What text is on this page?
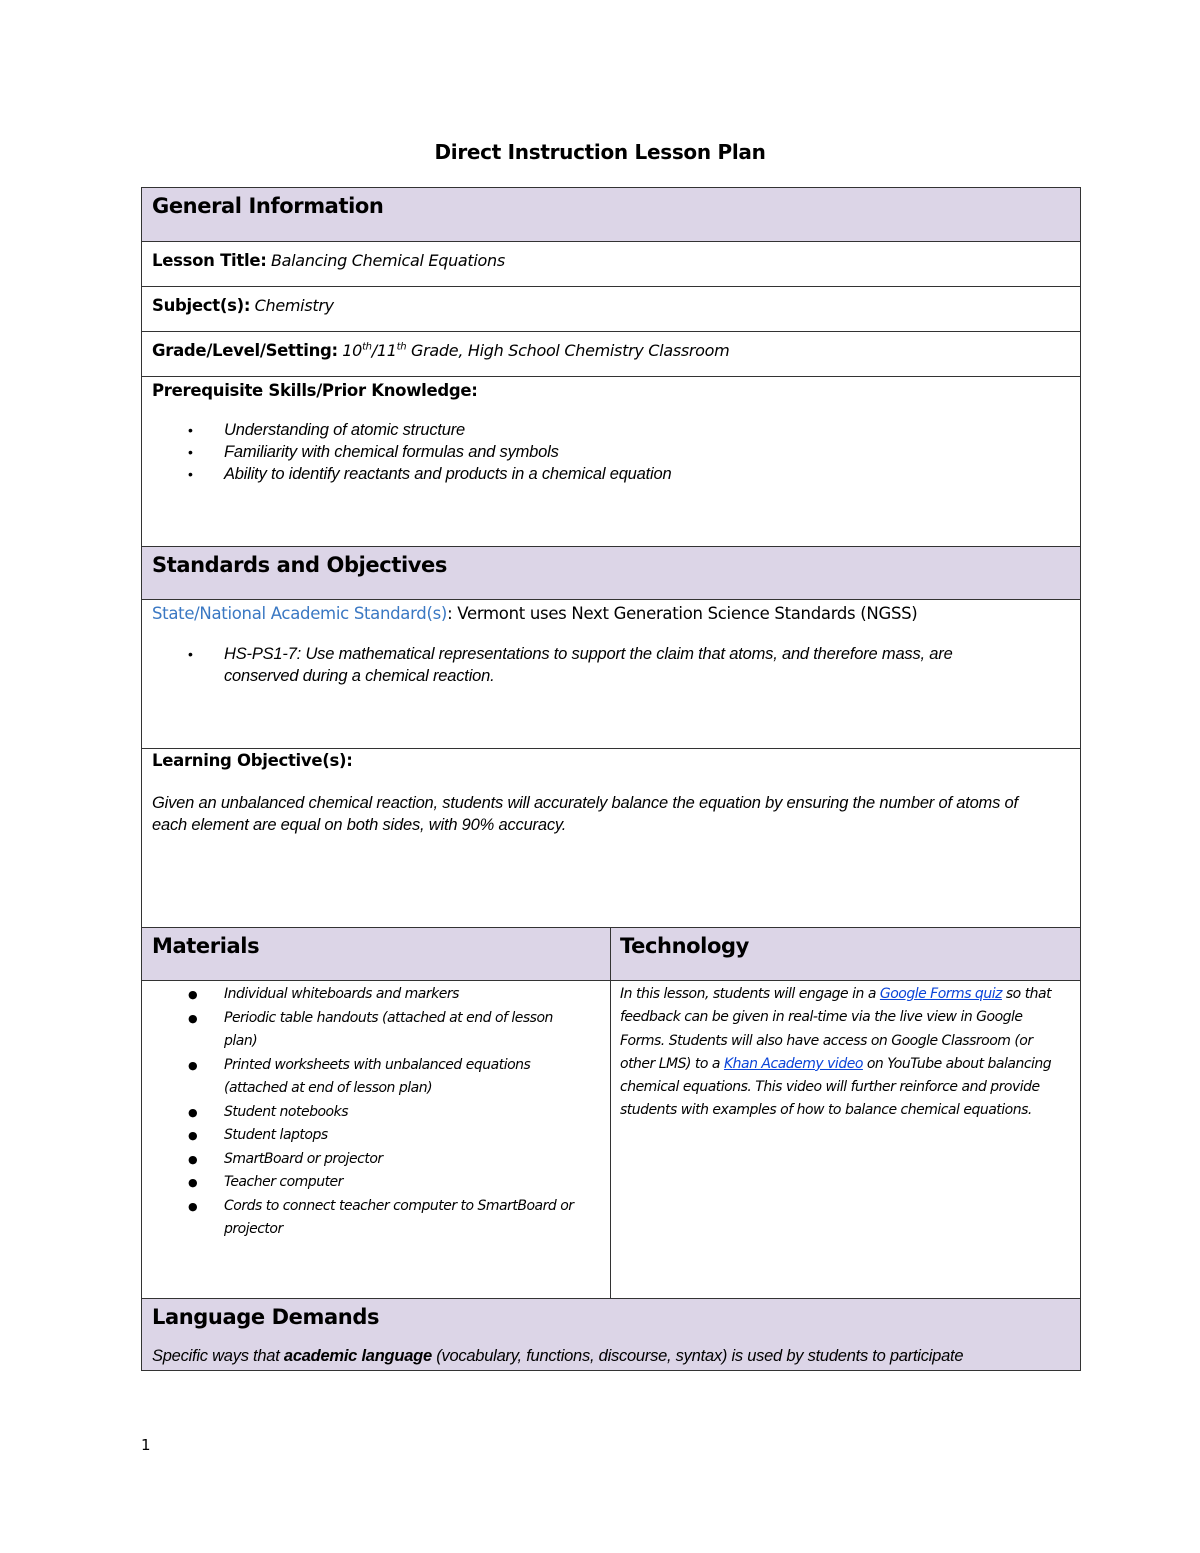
Direct Instruction Lesson Plan
General Information
Lesson Title: Balancing Chemical Equations
Subject(s): Chemistry
Grade/Level/Setting: 10th/11th Grade, High School Chemistry Classroom
Prerequisite Skills/Prior Knowledge:
• Understanding of atomic structure
• Familiarity with chemical formulas and symbols
• Ability to identify reactants and products in a chemical equation
Standards and Objectives
State/National Academic Standard(s): Vermont uses Next Generation Science Standards (NGSS)
• HS-PS1-7: Use mathematical representations to support the claim that atoms, and therefore mass, are conserved during a chemical reaction.
Learning Objective(s):
Given an unbalanced chemical reaction, students will accurately balance the equation by ensuring the number of atoms of each element are equal on both sides, with 90% accuracy.
Materials	Technology
● Individual whiteboards and markers
● Periodic table handouts (attached at end of lesson plan)
● Printed worksheets with unbalanced equations (attached at end of lesson plan)
● Student notebooks
● Student laptops
● SmartBoard or projector
● Teacher computer
● Cords to connect teacher computer to SmartBoard or projector
In this lesson, students will engage in a Google Forms quiz so that feedback can be given in real-time via the live view in Google Forms. Students will also have access on Google Classroom (or other LMS) to a Khan Academy video on YouTube about balancing chemical equations. This video will further reinforce and provide students with examples of how to balance chemical equations.
Language Demands
Specific ways that academic language (vocabulary, functions, discourse, syntax) is used by students to participate
1
